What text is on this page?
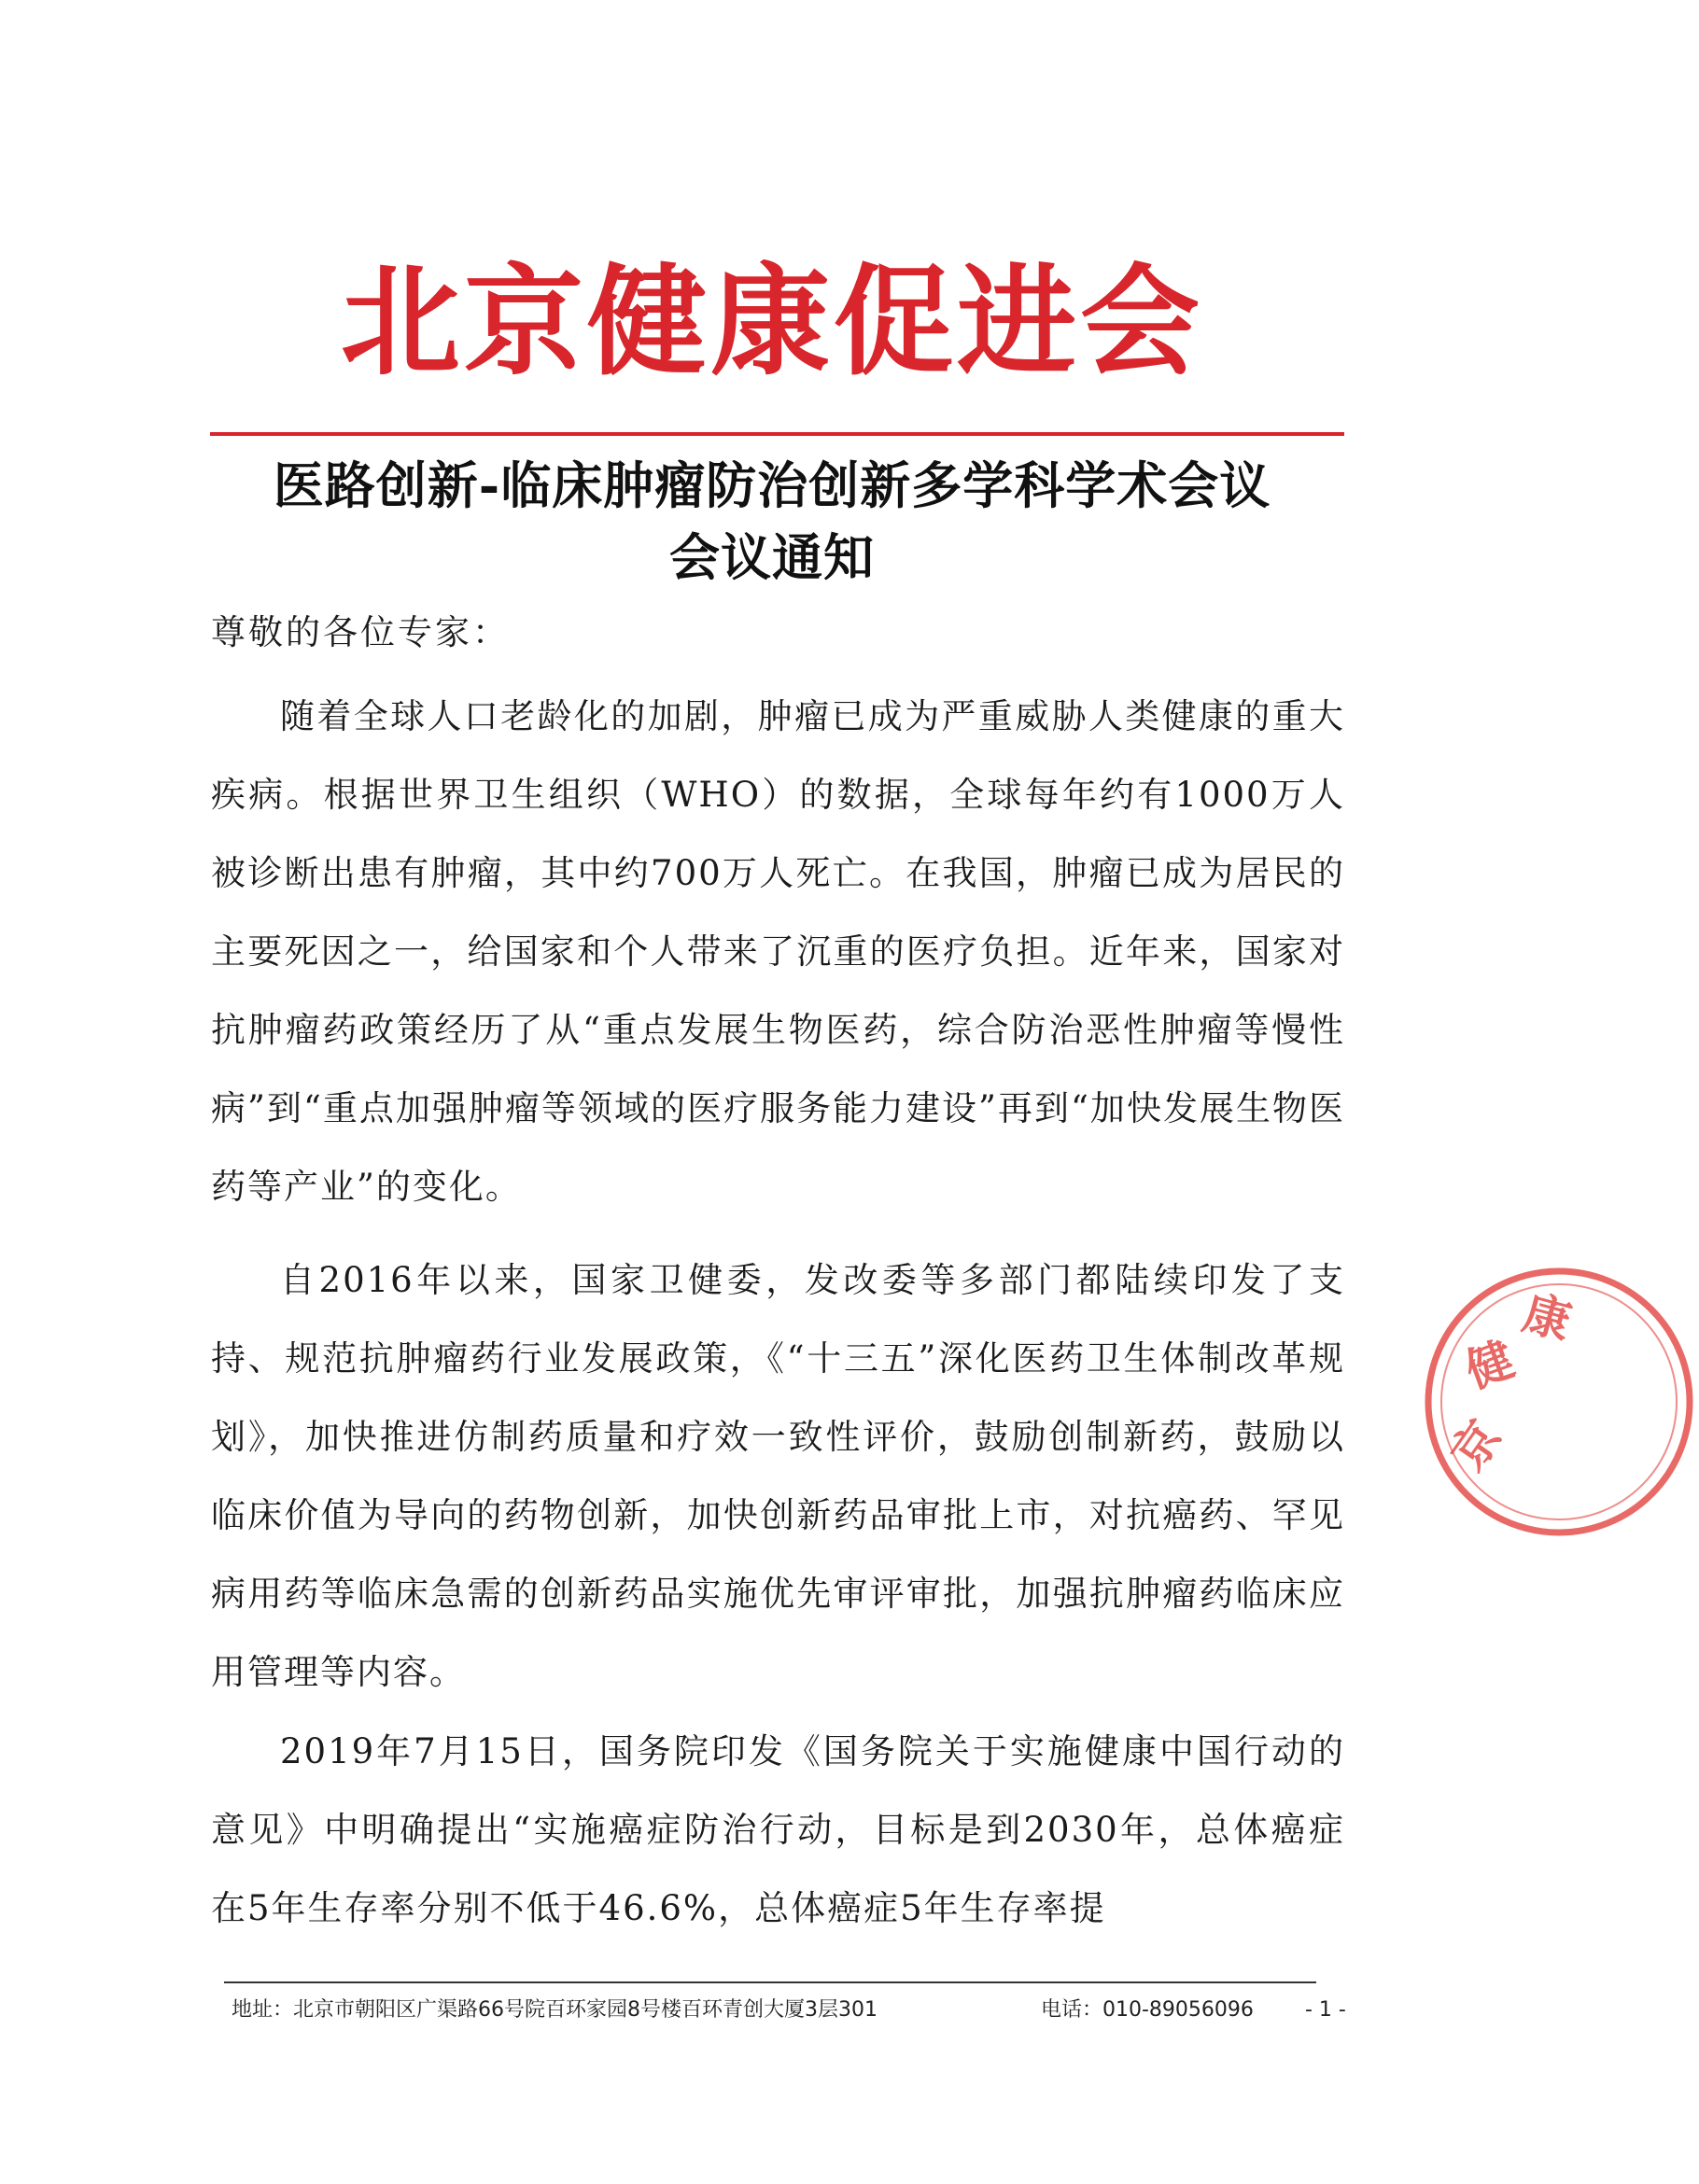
北京健康促进会
医路创新-临床肿瘤防治创新多学科学术会议
会议通知
尊敬的各位专家：
随着全球人口老龄化的加剧，肿瘤已成为严重威胁人类健康的重大疾病。根据世界卫生组织（WHO）的数据，全球每年约有1000万人被诊断出患有肿瘤，其中约700万人死亡。在我国，肿瘤已成为居民的主要死因之一，给国家和个人带来了沉重的医疗负担。近年来，国家对抗肿瘤药政策经历了从“重点发展生物医药，综合防治恶性肿瘤等慢性病”到“重点加强肿瘤等领域的医疗服务能力建设”再到“加快发展生物医药等产业”的变化。
自2016年以来，国家卫健委，发改委等多部门都陆续印发了支持、规范抗肿瘤药行业发展政策，《“十三五”深化医药卫生体制改革规划》，加快推进仿制药质量和疗效一致性评价，鼓励创制新药，鼓励以临床价值为导向的药物创新，加快创新药品审批上市，对抗癌药、罕见病用药等临床急需的创新药品实施优先审评审批，加强抗肿瘤药临床应用管理等内容。
2019年7月15日，国务院印发《国务院关于实施健康中国行动的意见》中明确提出“实施癌症防治行动，目标是到2030年，总体癌症在5年生存率分别不低于46.6%，总体癌症5年生存率提
京
健
康
地址：北京市朝阳区广渠路66号院百环家园8号楼百环青创大厦3层301	电话：010-89056096	- 1 -
